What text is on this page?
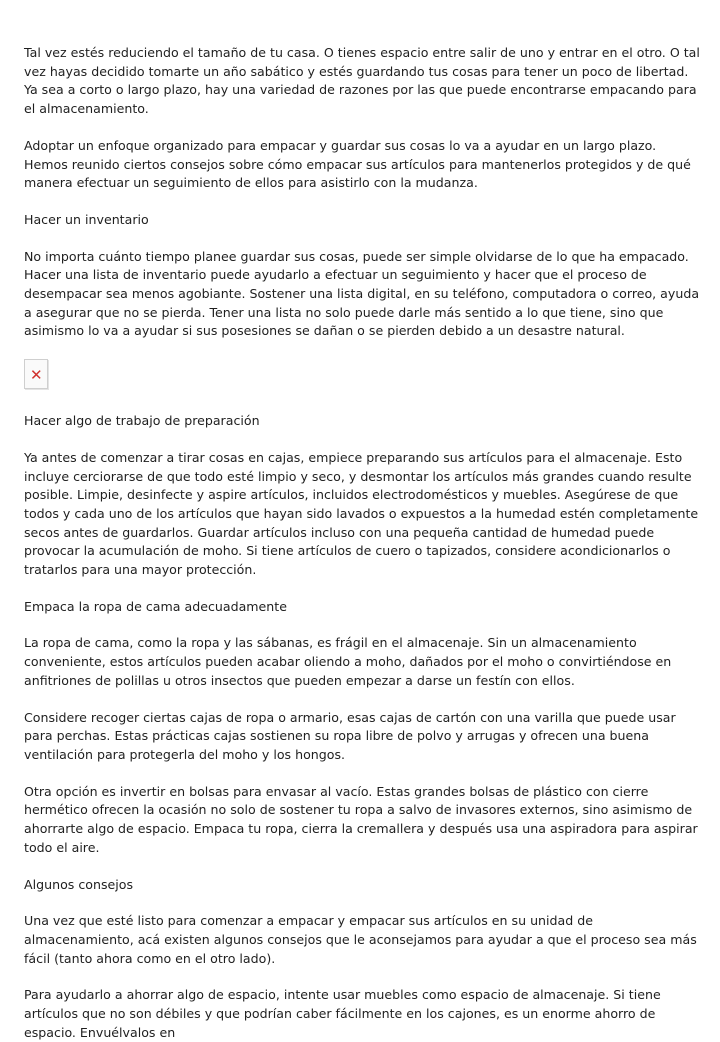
Tal vez estés reduciendo el tamaño de tu casa. O tienes espacio entre salir de uno y entrar en el otro. O tal vez hayas decidido tomarte un año sabático y estés guardando tus cosas para tener un poco de libertad. Ya sea a corto o largo plazo, hay una variedad de razones por las que puede encontrarse empacando para el almacenamiento.

Adoptar un enfoque organizado para empacar y guardar sus cosas lo va a ayudar en un largo plazo. Hemos reunido ciertos consejos sobre cómo empacar sus artículos para mantenerlos protegidos y de qué manera efectuar un seguimiento de ellos para asistirlo con la mudanza.

Hacer un inventario

No importa cuánto tiempo planee guardar sus cosas, puede ser simple olvidarse de lo que ha empacado. Hacer una lista de inventario puede ayudarlo a efectuar un seguimiento y hacer que el proceso de desempacar sea menos agobiante. Sostener una lista digital, en su teléfono, computadora o correo, ayuda a asegurar que no se pierda. Tener una lista no solo puede darle más sentido a lo que tiene, sino que asimismo lo va a ayudar si sus posesiones se dañan o se pierden debido a un desastre natural.

✕

Hacer algo de trabajo de preparación

Ya antes de comenzar a tirar cosas en cajas, empiece preparando sus artículos para el almacenaje. Esto incluye cerciorarse de que todo esté limpio y seco, y desmontar los artículos más grandes cuando resulte posible. Limpie, desinfecte y aspire artículos, incluidos electrodomésticos y muebles. Asegúrese de que todos y cada uno de los artículos que hayan sido lavados o expuestos a la humedad estén completamente secos antes de guardarlos. Guardar artículos incluso con una pequeña cantidad de humedad puede provocar la acumulación de moho. Si tiene artículos de cuero o tapizados, considere acondicionarlos o tratarlos para una mayor protección.

Empaca la ropa de cama adecuadamente

La ropa de cama, como la ropa y las sábanas, es frágil en el almacenaje. Sin un almacenamiento conveniente, estos artículos pueden acabar oliendo a moho, dañados por el moho o convirtiéndose en anfitriones de polillas u otros insectos que pueden empezar a darse un festín con ellos.

Considere recoger ciertas cajas de ropa o armario, esas cajas de cartón con una varilla que puede usar para perchas. Estas prácticas cajas sostienen su ropa libre de polvo y arrugas y ofrecen una buena ventilación para protegerla del moho y los hongos.

Otra opción es invertir en bolsas para envasar al vacío. Estas grandes bolsas de plástico con cierre hermético ofrecen la ocasión no solo de sostener tu ropa a salvo de invasores externos, sino asimismo de ahorrarte algo de espacio. Empaca tu ropa, cierra la cremallera y después usa una aspiradora para aspirar todo el aire.

Algunos consejos

Una vez que esté listo para comenzar a empacar y empacar sus artículos en su unidad de almacenamiento, acá existen algunos consejos que le aconsejamos para ayudar a que el proceso sea más fácil (tanto ahora como en el otro lado).

Para ayudarlo a ahorrar algo de espacio, intente usar muebles como espacio de almacenaje. Si tiene artículos que no son débiles y que podrían caber fácilmente en los cajones, es un enorme ahorro de espacio. Envuélvalos en
